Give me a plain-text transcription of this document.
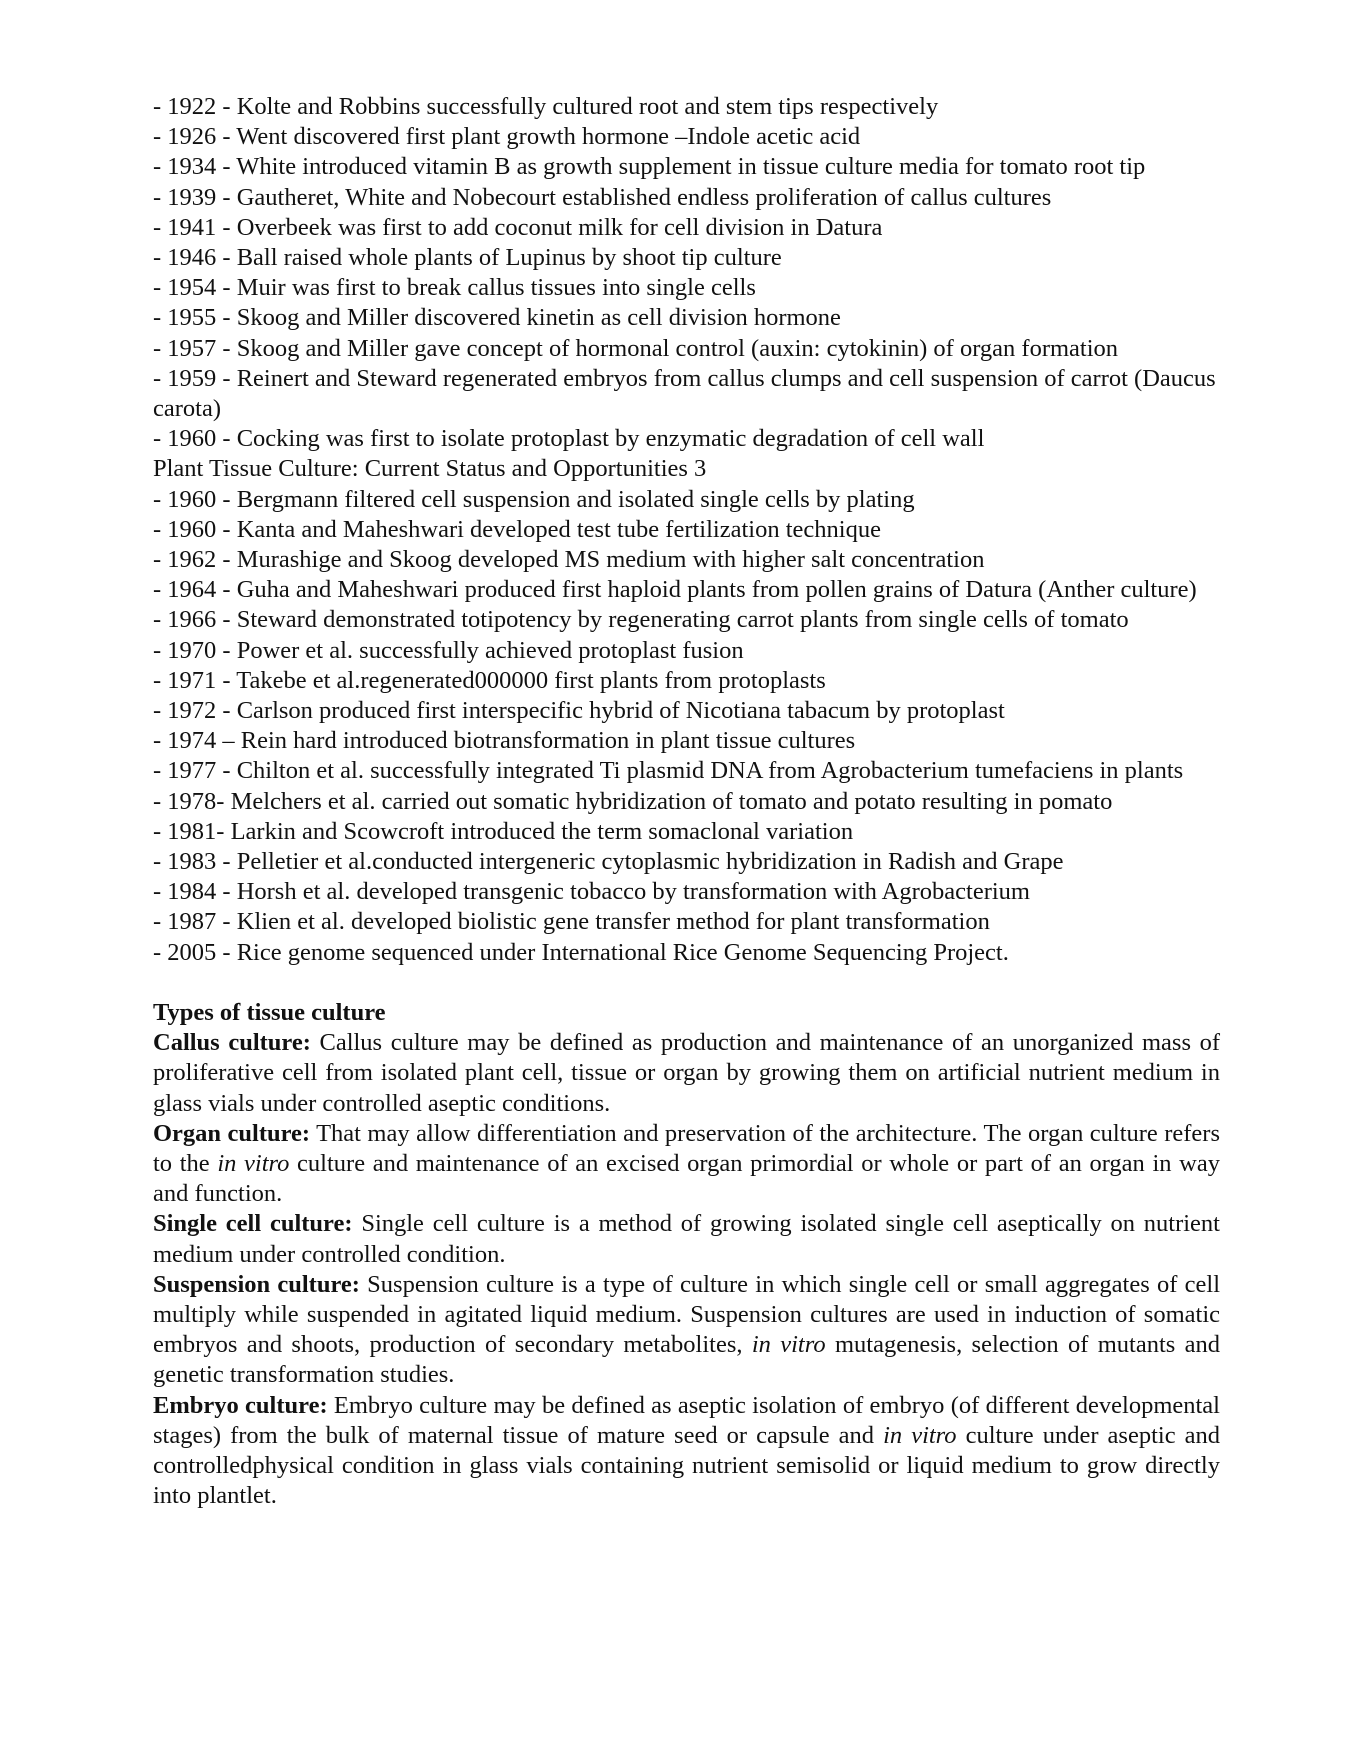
- 1922 - Kolte and Robbins successfully cultured root and stem tips respectively
- 1926 - Went discovered first plant growth hormone –Indole acetic acid
- 1934 - White introduced vitamin B as growth supplement in tissue culture media for tomato root tip
- 1939 - Gautheret, White and Nobecourt established endless proliferation of callus cultures
- 1941 - Overbeek was first to add coconut milk for cell division in Datura
- 1946 - Ball raised whole plants of Lupinus by shoot tip culture
- 1954 - Muir was first to break callus tissues into single cells
- 1955 - Skoog and Miller discovered kinetin as cell division hormone
- 1957 - Skoog and Miller gave concept of hormonal control (auxin: cytokinin) of organ formation
- 1959 - Reinert and Steward regenerated embryos from callus clumps and cell suspension of carrot (Daucus carota)
- 1960 - Cocking was first to isolate protoplast by enzymatic degradation of cell wall
Plant Tissue Culture: Current Status and Opportunities 3
- 1960 - Bergmann filtered cell suspension and isolated single cells by plating
- 1960 - Kanta and Maheshwari developed test tube fertilization technique
- 1962 - Murashige and Skoog developed MS medium with higher salt concentration
- 1964 - Guha and Maheshwari produced first haploid plants from pollen grains of Datura (Anther culture)
- 1966 - Steward demonstrated totipotency by regenerating carrot plants from single cells of tomato
- 1970 - Power et al. successfully achieved protoplast fusion
- 1971 - Takebe et al.regenerated000000 first plants from protoplasts
- 1972 - Carlson produced first interspecific hybrid of Nicotiana tabacum by protoplast
- 1974 – Rein hard introduced biotransformation in plant tissue cultures
- 1977 - Chilton et al. successfully integrated Ti plasmid DNA from Agrobacterium tumefaciens in plants
- 1978- Melchers et al. carried out somatic hybridization of tomato and potato resulting in pomato
- 1981- Larkin and Scowcroft introduced the term somaclonal variation
- 1983 - Pelletier et al.conducted intergeneric cytoplasmic hybridization in Radish and Grape
- 1984 - Horsh et al. developed transgenic tobacco by transformation with Agrobacterium
- 1987 - Klien et al. developed biolistic gene transfer method for plant transformation
- 2005 - Rice genome sequenced under International Rice Genome Sequencing Project.
Types of tissue culture
Callus culture: Callus culture may be defined as production and maintenance of an unorganized mass of proliferative cell from isolated plant cell, tissue or organ by growing them on artificial nutrient medium in glass vials under controlled aseptic conditions.
Organ culture: That may allow differentiation and preservation of the architecture. The organ culture refers to the in vitro culture and maintenance of an excised organ primordial or whole or part of an organ in way and function.
Single cell culture: Single cell culture is a method of growing isolated single cell aseptically on nutrient medium under controlled condition.
Suspension culture: Suspension culture is a type of culture in which single cell or small aggregates of cell multiply while suspended in agitated liquid medium. Suspension cultures are used in induction of somatic embryos and shoots, production of secondary metabolites, in vitro mutagenesis, selection of mutants and genetic transformation studies.
Embryo culture: Embryo culture may be defined as aseptic isolation of embryo (of different developmental stages) from the bulk of maternal tissue of mature seed or capsule and in vitro culture under aseptic and controlledphysical condition in glass vials containing nutrient semisolid or liquid medium to grow directly into plantlet.
